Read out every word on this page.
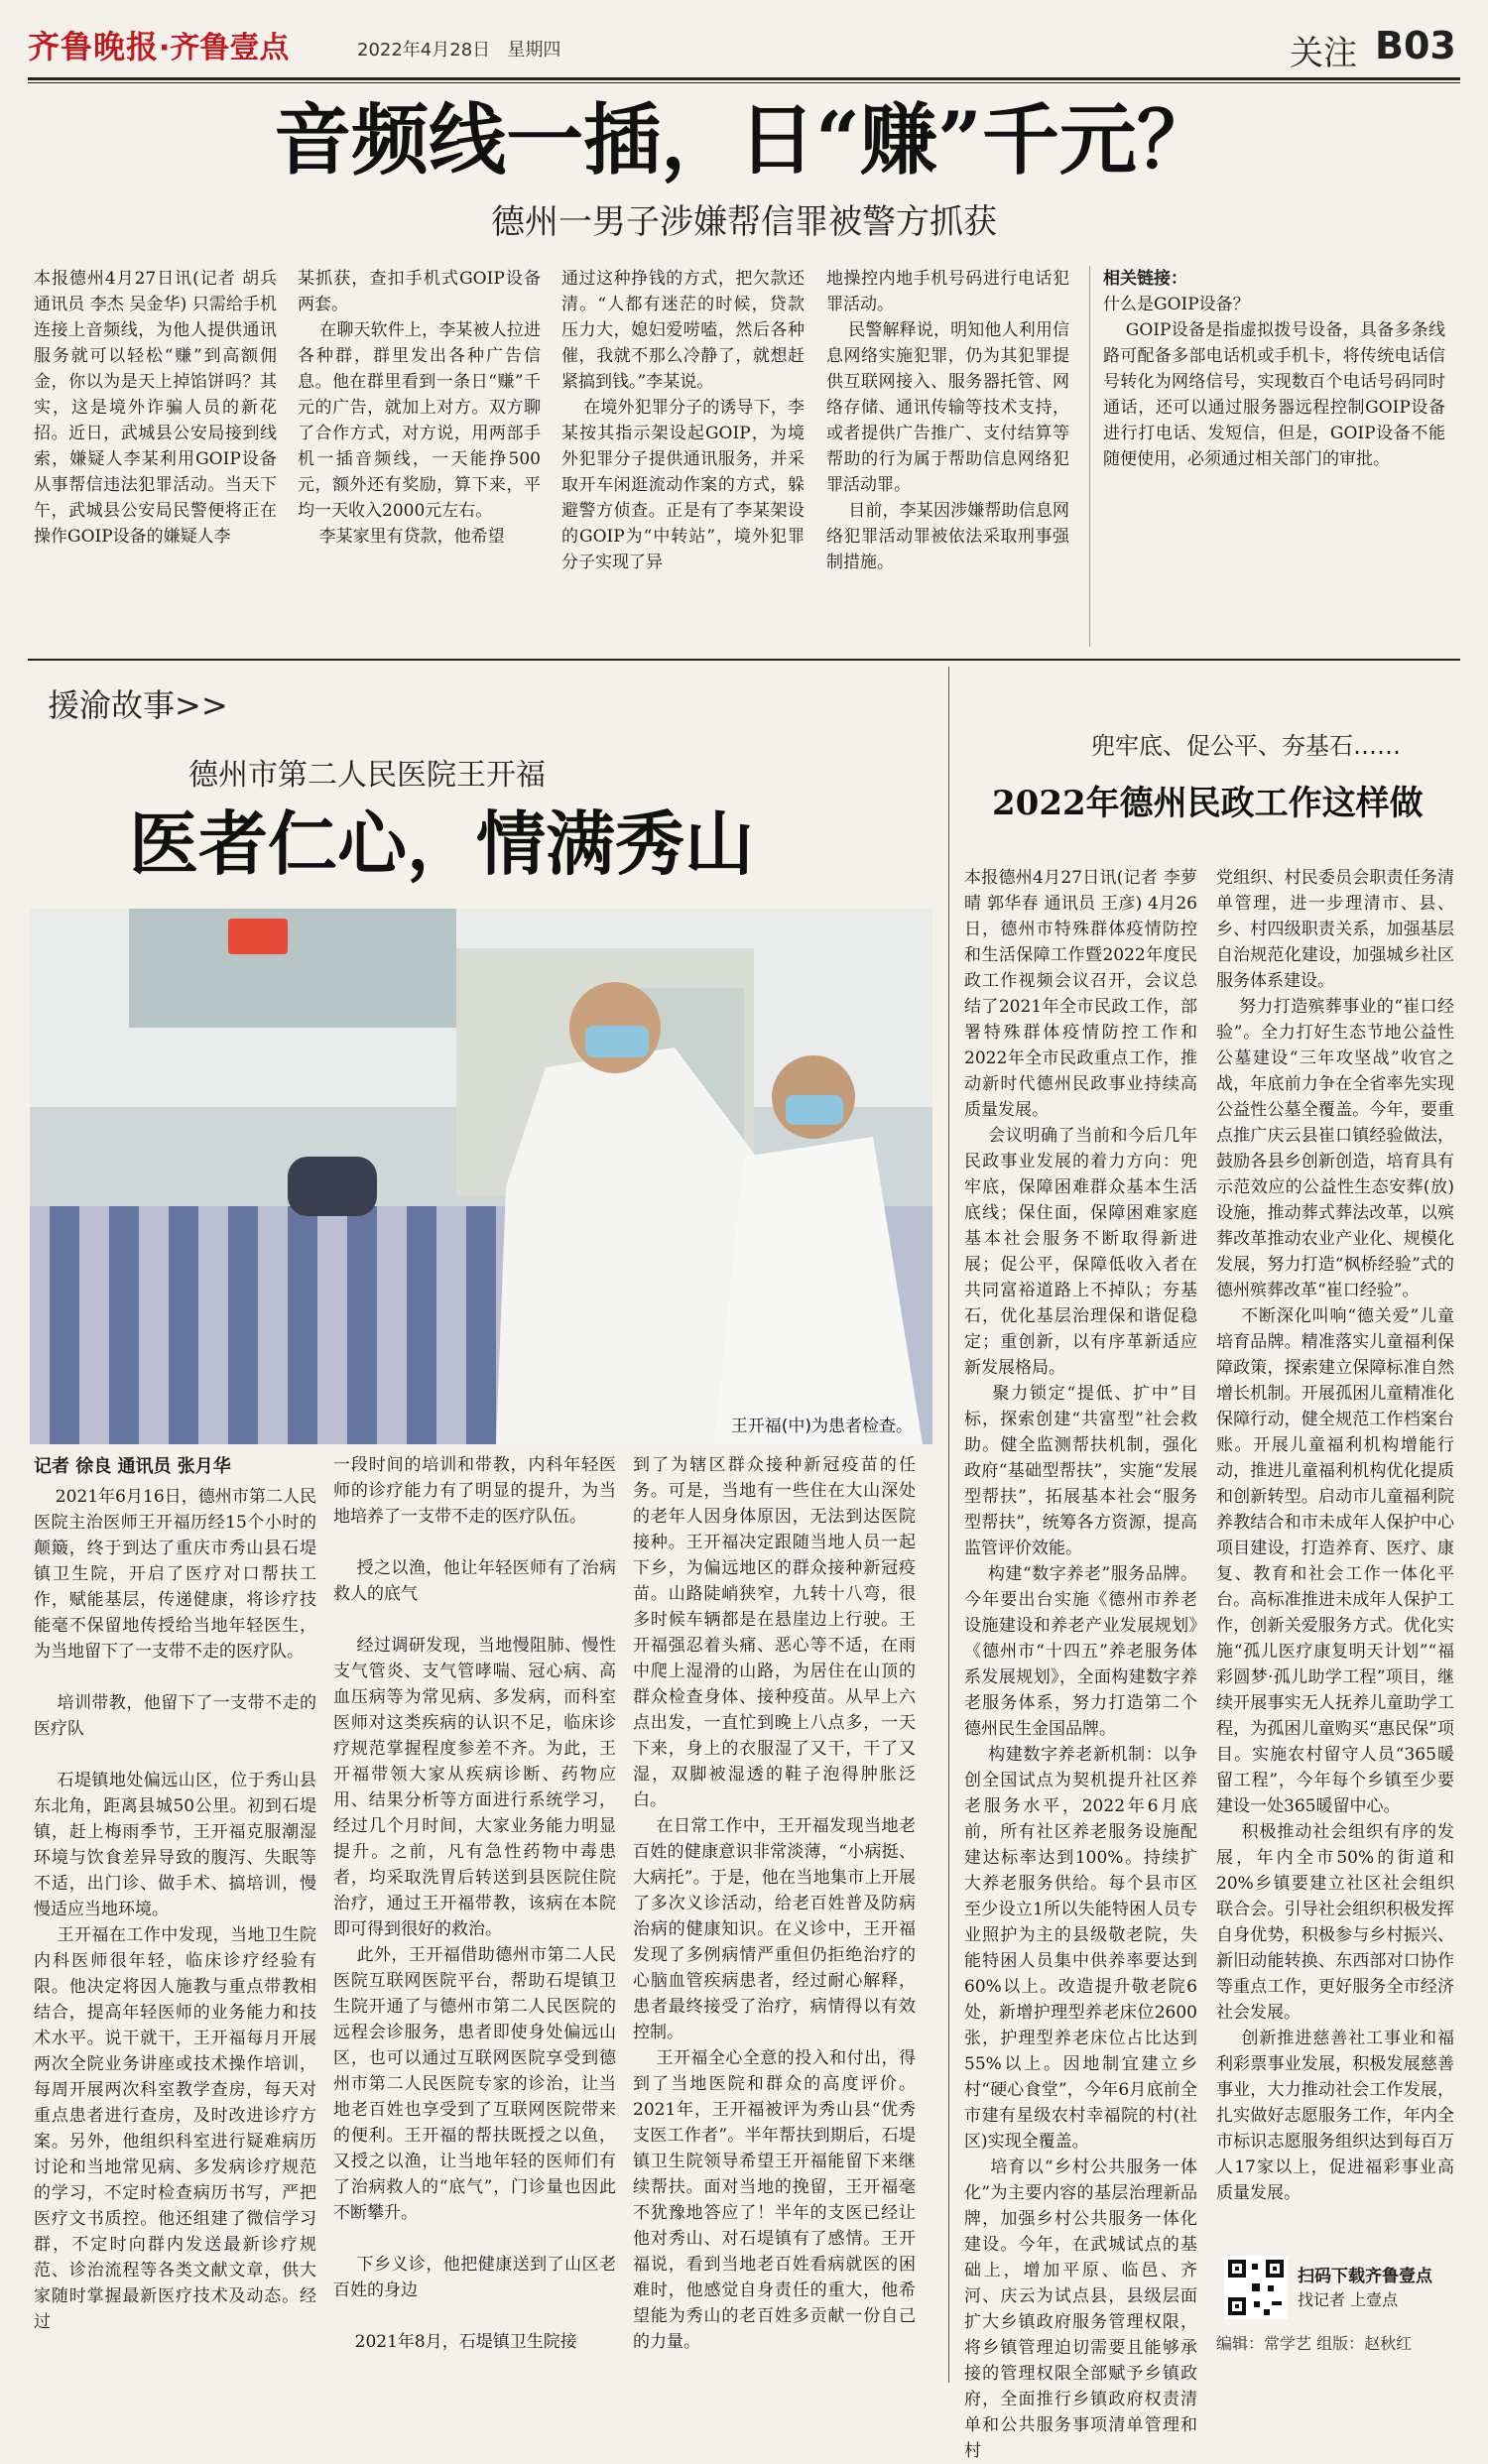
齐鲁晚报·齐鲁壹点	2022年4月28日 星期四	关注 B03
音频线一插，日“赚”千元？
德州一男子涉嫌帮信罪被警方抓获
本报德州4月27日讯(记者 胡兵 通讯员 李杰 吴金华) 只需给手机连接上音频线，为他人提供通讯服务就可以轻松“赚”到高额佣金，你以为是天上掉馅饼吗？其实，这是境外诈骗人员的新花招。近日，武城县公安局接到线索，嫌疑人李某利用GOIP设备从事帮信违法犯罪活动。当天下午，武城县公安局民警便将正在操作GOIP设备的嫌疑人李
某抓获，查扣手机式GOIP设备两套。
在聊天软件上，李某被人拉进各种群，群里发出各种广告信息。他在群里看到一条日“赚”千元的广告，就加上对方。双方聊了合作方式，对方说，用两部手机一插音频线，一天能挣500元，额外还有奖励，算下来，平均一天收入2000元左右。
李某家里有贷款，他希望
通过这种挣钱的方式，把欠款还清。“人都有迷茫的时候，贷款压力大，媳妇爱唠嗑，然后各种催，我就不那么冷静了，就想赶紧搞到钱。”李某说。
在境外犯罪分子的诱导下，李某按其指示架设起GOIP，为境外犯罪分子提供通讯服务，并采取开车闲逛流动作案的方式，躲避警方侦查。正是有了李某架设的GOIP为“中转站”，境外犯罪分子实现了异
地操控内地手机号码进行电话犯罪活动。
民警解释说，明知他人利用信息网络实施犯罪，仍为其犯罪提供互联网接入、服务器托管、网络存储、通讯传输等技术支持，或者提供广告推广、支付结算等帮助的行为属于帮助信息网络犯罪活动罪。
目前，李某因涉嫌帮助信息网络犯罪活动罪被依法采取刑事强制措施。
相关链接：
什么是GOIP设备？
GOIP设备是指虚拟拨号设备，具备多条线路可配备多部电话机或手机卡，将传统电话信号转化为网络信号，实现数百个电话号码同时通话，还可以通过服务器远程控制GOIP设备进行打电话、发短信，但是，GOIP设备不能随便使用，必须通过相关部门的审批。
援渝故事>>
德州市第二人民医院王开福
医者仁心，情满秀山
王开福(中)为患者检查。
记者 徐良 通讯员 张月华
2021年6月16日，德州市第二人民医院主治医师王开福历经15个小时的颠簸，终于到达了重庆市秀山县石堤镇卫生院，开启了医疗对口帮扶工作，赋能基层，传递健康，将诊疗技能毫不保留地传授给当地年轻医生，为当地留下了一支带不走的医疗队。

培训带教，他留下了一支带不走的医疗队

石堤镇地处偏远山区，位于秀山县东北角，距离县城50公里。初到石堤镇，赶上梅雨季节，王开福克服潮湿环境与饮食差异导致的腹泻、失眠等不适，出门诊、做手术、搞培训，慢慢适应当地环境。
王开福在工作中发现，当地卫生院内科医师很年轻，临床诊疗经验有限。他决定将因人施教与重点带教相结合，提高年轻医师的业务能力和技术水平。说干就干，王开福每月开展两次全院业务讲座或技术操作培训，每周开展两次科室教学查房，每天对重点患者进行查房，及时改进诊疗方案。另外，他组织科室进行疑难病历讨论和当地常见病、多发病诊疗规范的学习，不定时检查病历书写，严把医疗文书质控。他还组建了微信学习群，不定时向群内发送最新诊疗规范、诊治流程等各类文献文章，供大家随时掌握最新医疗技术及动态。经过
一段时间的培训和带教，内科年轻医师的诊疗能力有了明显的提升，为当地培养了一支带不走的医疗队伍。

授之以渔，他让年轻医师有了治病救人的底气

经过调研发现，当地慢阻肺、慢性支气管炎、支气管哮喘、冠心病、高血压病等为常见病、多发病，而科室医师对这类疾病的认识不足，临床诊疗规范掌握程度参差不齐。为此，王开福带领大家从疾病诊断、药物应用、结果分析等方面进行系统学习，经过几个月时间，大家业务能力明显提升。之前，凡有急性药物中毒患者，均采取洗胃后转送到县医院住院治疗，通过王开福带教，该病在本院即可得到很好的救治。
此外，王开福借助德州市第二人民医院互联网医院平台，帮助石堤镇卫生院开通了与德州市第二人民医院的远程会诊服务，患者即使身处偏远山区，也可以通过互联网医院享受到德州市第二人民医院专家的诊治，让当地老百姓也享受到了互联网医院带来的便利。王开福的帮扶既授之以鱼，又授之以渔，让当地年轻的医师们有了治病救人的“底气”，门诊量也因此不断攀升。

下乡义诊，他把健康送到了山区老百姓的身边

2021年8月，石堤镇卫生院接
到了为辖区群众接种新冠疫苗的任务。可是，当地有一些住在大山深处的老年人因身体原因，无法到达医院接种。王开福决定跟随当地人员一起下乡，为偏远地区的群众接种新冠疫苗。山路陡峭狭窄，九转十八弯，很多时候车辆都是在悬崖边上行驶。王开福强忍着头痛、恶心等不适，在雨中爬上湿滑的山路，为居住在山顶的群众检查身体、接种疫苗。从早上六点出发，一直忙到晚上八点多，一天下来，身上的衣服湿了又干，干了又湿，双脚被湿透的鞋子泡得肿胀泛白。
在日常工作中，王开福发现当地老百姓的健康意识非常淡薄，“小病挺、大病托”。于是，他在当地集市上开展了多次义诊活动，给老百姓普及防病治病的健康知识。在义诊中，王开福发现了多例病情严重但仍拒绝治疗的心脑血管疾病患者，经过耐心解释，患者最终接受了治疗，病情得以有效控制。
王开福全心全意的投入和付出，得到了当地医院和群众的高度评价。2021年，王开福被评为秀山县“优秀支医工作者”。半年帮扶到期后，石堤镇卫生院领导希望王开福能留下来继续帮扶。面对当地的挽留，王开福毫不犹豫地答应了！半年的支医已经让他对秀山、对石堤镇有了感情。王开福说，看到当地老百姓看病就医的困难时，他感觉自身责任的重大，他希望能为秀山的老百姓多贡献一份自己的力量。
兜牢底、促公平、夯基石……
2022年德州民政工作这样做
本报德州4月27日讯(记者 李萝晴 郭华春 通讯员 王彦) 4月26日，德州市特殊群体疫情防控和生活保障工作暨2022年度民政工作视频会议召开，会议总结了2021年全市民政工作，部署特殊群体疫情防控工作和2022年全市民政重点工作，推动新时代德州民政事业持续高质量发展。
会议明确了当前和今后几年民政事业发展的着力方向：兜牢底，保障困难群众基本生活底线；保住面，保障困难家庭基本社会服务不断取得新进展；促公平，保障低收入者在共同富裕道路上不掉队；夯基石，优化基层治理保和谐促稳定；重创新，以有序革新适应新发展格局。
聚力锁定“提低、扩中”目标，探索创建“共富型”社会救助。健全监测帮扶机制，强化政府“基础型帮扶”，实施“发展型帮扶”，拓展基本社会“服务型帮扶”，统筹各方资源，提高监管评价效能。
构建“数字养老”服务品牌。今年要出台实施《德州市养老设施建设和养老产业发展规划》《德州市“十四五”养老服务体系发展规划》，全面构建数字养老服务体系，努力打造第二个德州民生金国品牌。
构建数字养老新机制：以争创全国试点为契机提升社区养老服务水平，2022年6月底前，所有社区养老服务设施配建达标率达到100%。持续扩大养老服务供给。每个县市区至少设立1所以失能特困人员专业照护为主的县级敬老院，失能特困人员集中供养率要达到60%以上。改造提升敬老院6处，新增护理型养老床位2600张，护理型养老床位占比达到55%以上。因地制宜建立乡村“硬心食堂”，今年6月底前全市建有星级农村幸福院的村(社区)实现全覆盖。
培育以“乡村公共服务一体化”为主要内容的基层治理新品牌，加强乡村公共服务一体化建设。今年，在武城试点的基础上，增加平原、临邑、齐河、庆云为试点县，县级层面扩大乡镇政府服务管理权限，将乡镇管理迫切需要且能够承接的管理权限全部赋予乡镇政府，全面推行乡镇政府权责清单和公共服务事项清单管理和村
党组织、村民委员会职责任务清单管理，进一步理清市、县、乡、村四级职责关系，加强基层自治规范化建设，加强城乡社区服务体系建设。
努力打造殡葬事业的“崔口经验”。全力打好生态节地公益性公墓建设“三年攻坚战”收官之战，年底前力争在全省率先实现公益性公墓全覆盖。今年，要重点推广庆云县崔口镇经验做法，鼓励各县乡创新创造，培育具有示范效应的公益性生态安葬(放)设施，推动葬式葬法改革，以殡葬改革推动农业产业化、规模化发展，努力打造“枫桥经验”式的德州殡葬改革“崔口经验”。
不断深化叫响“德关爱”儿童培育品牌。精准落实儿童福利保障政策，探索建立保障标准自然增长机制。开展孤困儿童精准化保障行动，健全规范工作档案台账。开展儿童福利机构增能行动，推进儿童福利机构优化提质和创新转型。启动市儿童福利院养教结合和市未成年人保护中心项目建设，打造养育、医疗、康复、教育和社会工作一体化平台。高标准推进未成年人保护工作，创新关爱服务方式。优化实施“孤儿医疗康复明天计划”“福彩圆梦·孤儿助学工程”项目，继续开展事实无人抚养儿童助学工程，为孤困儿童购买“惠民保”项目。实施农村留守人员“365暖留工程”，今年每个乡镇至少要建设一处365暖留中心。
积极推动社会组织有序的发展，年内全市50%的街道和20%乡镇要建立社区社会组织联合会。引导社会组织积极发挥自身优势，积极参与乡村振兴、新旧动能转换、东西部对口协作等重点工作，更好服务全市经济社会发展。
创新推进慈善社工事业和福利彩票事业发展，积极发展慈善事业，大力推动社会工作发展，扎实做好志愿服务工作，年内全市标识志愿服务组织达到每百万人17家以上，促进福彩事业高质量发展。
扫码下载齐鲁壹点
找记者 上壹点
编辑：常学艺 组版：赵秋红
